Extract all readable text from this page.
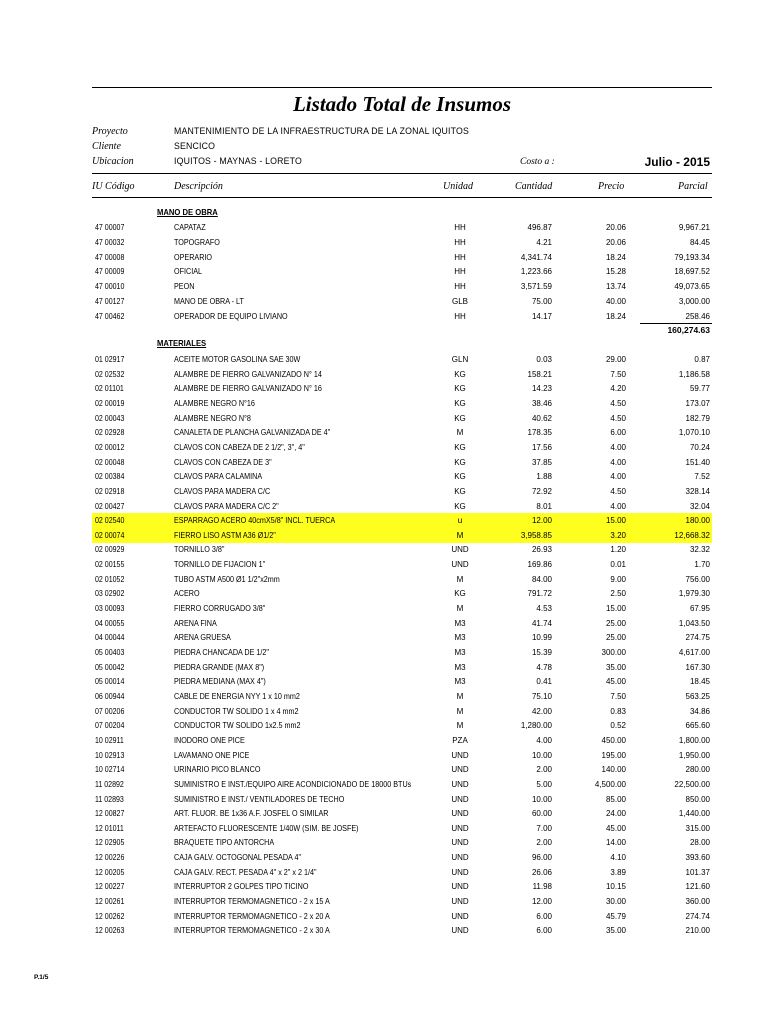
Listado Total de Insumos
Proyecto	MANTENIMIENTO DE LA INFRAESTRUCTURA DE LA ZONAL IQUITOS
Cliente	SENCICO
Ubicacion	IQUITOS - MAYNAS - LORETO	Costo a :	Julio - 2015
IU Código	Descripción	Unidad	Cantidad	Precio	Parcial
MANO DE OBRA
47 00007	CAPATAZ	HH	496.87	20.06	9,967.21
47 00032	TOPOGRAFO	HH	4.21	20.06	84.45
47 00008	OPERARIO	HH	4,341.74	18.24	79,193.34
47 00009	OFICIAL	HH	1,223.66	15.28	18,697.52
47 00010	PEON	HH	3,571.59	13.74	49,073.65
47 00127	MANO DE OBRA - LT	GLB	75.00	40.00	3,000.00
47 00462	OPERADOR DE EQUIPO LIVIANO	HH	14.17	18.24	258.46
160,274.63
MATERIALES
01 02917	ACEITE MOTOR GASOLINA SAE 30W	GLN	0.03	29.00	0.87
02 02532	ALAMBRE DE FIERRO GALVANIZADO N° 14	KG	158.21	7.50	1,186.58
02 01101	ALAMBRE DE FIERRO GALVANIZADO N° 16	KG	14.23	4.20	59.77
02 00019	ALAMBRE NEGRO N°16	KG	38.46	4.50	173.07
02 00043	ALAMBRE NEGRO N°8	KG	40.62	4.50	182.79
02 02928	CANALETA DE PLANCHA GALVANIZADA DE 4"	M	178.35	6.00	1,070.10
02 00012	CLAVOS CON CABEZA DE 2 1/2", 3", 4"	KG	17.56	4.00	70.24
02 00048	CLAVOS CON CABEZA DE 3"	KG	37.85	4.00	151.40
02 00384	CLAVOS PARA CALAMINA	KG	1.88	4.00	7.52
02 02918	CLAVOS PARA MADERA C/C	KG	72.92	4.50	328.14
02 00427	CLAVOS PARA MADERA C/C 2"	KG	8.01	4.00	32.04
02 02540	ESPARRAGO ACERO 40cmX5/8" INCL. TUERCA	u	12.00	15.00	180.00
02 00074	FIERRO LISO ASTM A36 Ø1/2"	M	3,958.85	3.20	12,668.32
02 00929	TORNILLO 3/8"	UND	26.93	1.20	32.32
02 00155	TORNILLO DE FIJACION 1"	UND	169.86	0.01	1.70
02 01052	TUBO ASTM A500 Ø1 1/2"x2mm	M	84.00	9.00	756.00
03 02902	ACERO	KG	791.72	2.50	1,979.30
03 00093	FIERRO CORRUGADO 3/8"	M	4.53	15.00	67.95
04 00055	ARENA FINA	M3	41.74	25.00	1,043.50
04 00044	ARENA GRUESA	M3	10.99	25.00	274.75
05 00403	PIEDRA CHANCADA DE 1/2"	M3	15.39	300.00	4,617.00
05 00042	PIEDRA GRANDE (MAX 8")	M3	4.78	35.00	167.30
05 00014	PIEDRA MEDIANA (MAX 4")	M3	0.41	45.00	18.45
06 00944	CABLE DE ENERGIA NYY 1 x 10 mm2	M	75.10	7.50	563.25
07 00206	CONDUCTOR TW SOLIDO 1 x 4 mm2	M	42.00	0.83	34.86
07 00204	CONDUCTOR TW SOLIDO 1x2.5 mm2	M	1,280.00	0.52	665.60
10 02911	INODORO ONE PICE	PZA	4.00	450.00	1,800.00
10 02913	LAVAMANO ONE PICE	UND	10.00	195.00	1,950.00
10 02714	URINARIO PICO BLANCO	UND	2.00	140.00	280.00
11 02892	SUMINISTRO E INST./EQUIPO AIRE ACONDICIONADO DE 18000 BTUs	UND	5.00	4,500.00	22,500.00
11 02893	SUMINISTRO E INST./ VENTILADORES DE TECHO	UND	10.00	85.00	850.00
12 00827	ART. FLUOR. BE 1x36 A.F. JOSFEL O SIMILAR	UND	60.00	24.00	1,440.00
12 01011	ARTEFACTO FLUORESCENTE 1/40W (SIM. BE JOSFE)	UND	7.00	45.00	315.00
12 02905	BRAQUETE TIPO ANTORCHA	UND	2.00	14.00	28.00
12 00226	CAJA GALV. OCTOGONAL PESADA 4"	UND	96.00	4.10	393.60
12 00205	CAJA GALV. RECT. PESADA 4" x 2" x 2 1/4"	UND	26.06	3.89	101.37
12 00227	INTERRUPTOR 2 GOLPES TIPO TICINO	UND	11.98	10.15	121.60
12 00261	INTERRUPTOR TERMOMAGNETICO - 2 x 15 A	UND	12.00	30.00	360.00
12 00262	INTERRUPTOR TERMOMAGNETICO - 2 x 20 A	UND	6.00	45.79	274.74
12 00263	INTERRUPTOR TERMOMAGNETICO - 2 x 30 A	UND	6.00	35.00	210.00
P.1/5
